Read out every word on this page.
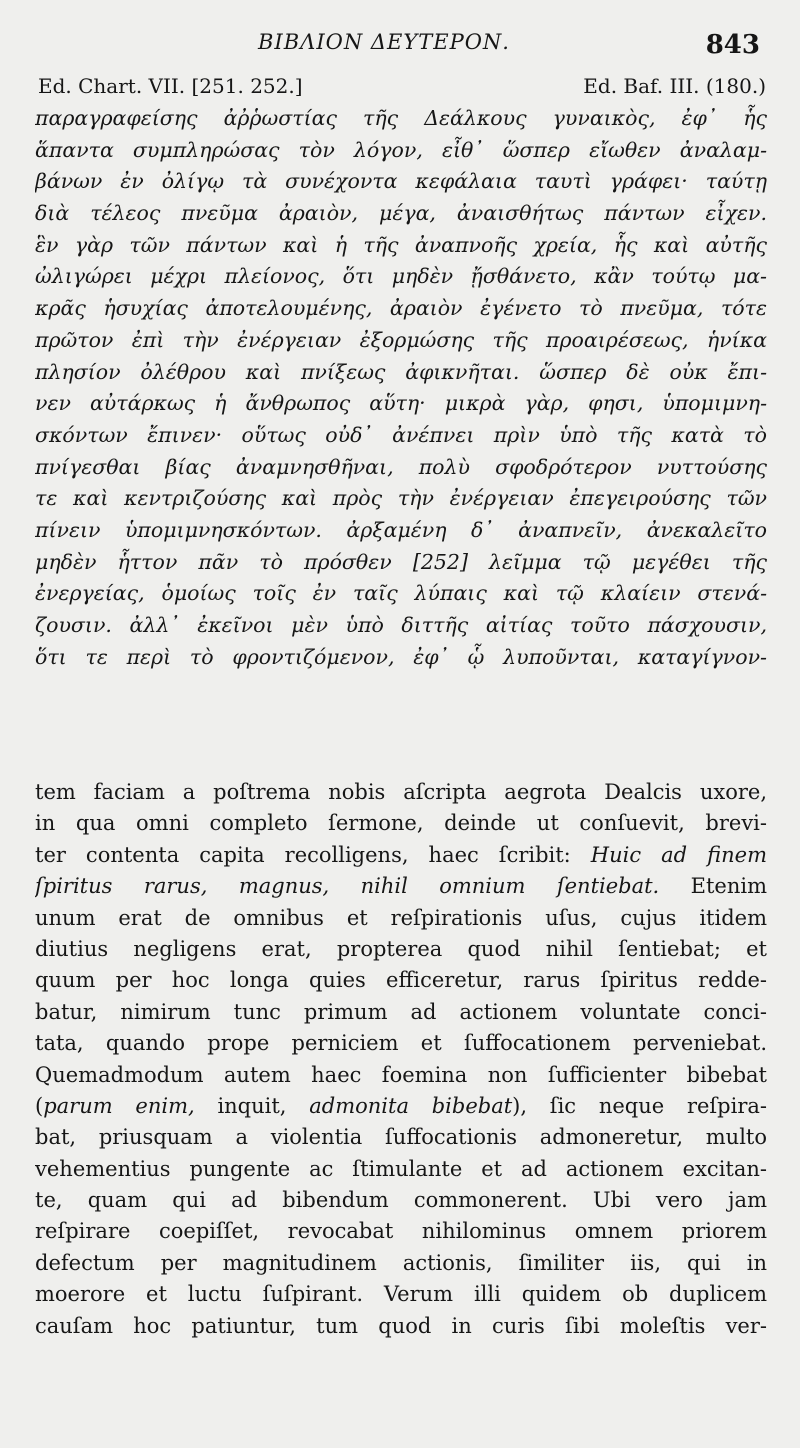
ΒΙΒΛΙΟΝ ΔΕΥΤΕΡΟΝ.	843
Ed. Chart. VII. [251. 252.]	Ed. Baf. III. (180.)
παραγραφείσης ἀῤῥωστίας τῆς Δεάλκους γυναικὸς, ἐφ᾽ ἧς
ἅπαντα συμπληρώσας τὸν λόγον, εἶθ᾽ ὥσπερ εἴωθεν ἀναλαμ-
βάνων ἐν ὀλίγῳ τὰ συνέχοντα κεφάλαια ταυτὶ γράφει· ταύτῃ
διὰ τέλεος πνεῦμα ἀραιὸν, μέγα, ἀναισθήτως πάντων εἶχεν.
ἓν γὰρ τῶν πάντων καὶ ἡ τῆς ἀναπνοῆς χρεία, ἧς καὶ αὐτῆς
ὠλιγώρει μέχρι πλείονος, ὅτι μηδὲν ᾔσθάνετο, κἂν τούτῳ μα-
κρᾶς ἡσυχίας ἀποτελουμένης, ἀραιὸν ἐγένετο τὸ πνεῦμα, τότε
πρῶτον ἐπὶ τὴν ἐνέργειαν ἐξορμώσης τῆς προαιρέσεως, ἡνίκα
πλησίον ὀλέθρου καὶ πνίξεως ἀφικνῆται. ὥσπερ δὲ οὐκ ἔπι-
νεν αὐτάρκως ἡ ἄνθρωπος αὕτη· μικρὰ γὰρ, φησι, ὑπομιμνη-
σκόντων ἔπινεν· οὕτως οὐδ᾽ ἀνέπνει πρὶν ὑπὸ τῆς κατὰ τὸ
πνίγεσθαι βίας ἀναμνησθῆναι, πολὺ σφοδρότερον νυττούσης
τε καὶ κεντριζούσης καὶ πρὸς τὴν ἐνέργειαν ἐπεγειρούσης τῶν
πίνειν ὑπομιμνησκόντων. ἀρξαμένη δ᾽ ἀναπνεῖν, ἀνεκαλεῖτο
μηδὲν ἧττον πᾶν τὸ πρόσθεν [252] λεῖμμα τῷ μεγέθει τῆς
ἐνεργείας, ὁμοίως τοῖς ἐν ταῖς λύπαις καὶ τῷ κλαίειν στενά-
ζουσιν. ἀλλ᾽ ἐκεῖνοι μὲν ὑπὸ διττῆς αἰτίας τοῦτο πάσχουσιν,
ὅτι τε περὶ τὸ φροντιζόμενον, ἐφ᾽ ᾧ λυποῦνται, καταγίγνον-
tem faciam a poſtrema nobis aſcripta aegrota Dealcis uxore,
in qua omni completo ſermone, deinde ut conſuevit, brevi-
ter contenta capita recolligens, haec ſcribit: Huic ad finem
ſpiritus rarus, magnus, nihil omnium ſentiebat. Etenim
unum erat de omnibus et reſpirationis uſus, cujus itidem
diutius negligens erat, propterea quod nihil ſentiebat; et
quum per hoc longa quies efficeretur, rarus ſpiritus redde-
batur, nimirum tunc primum ad actionem voluntate conci-
tata, quando prope perniciem et ſuffocationem perveniebat.
Quemadmodum autem haec foemina non ſufficienter bibebat
(parum enim, inquit, admonita bibebat), ſic neque reſpira-
bat, priusquam a violentia ſuffocationis admoneretur, multo
vehementius pungente ac ſtimulante et ad actionem excitan-
te, quam qui ad bibendum commonerent. Ubi vero jam
reſpirare coepiſſet, revocabat nihilominus omnem priorem
defectum per magnitudinem actionis, ſimiliter iis, qui in
moerore et luctu ſuſpirant. Verum illi quidem ob duplicem
cauſam hoc patiuntur, tum quod in curis ſibi moleſtis ver-
